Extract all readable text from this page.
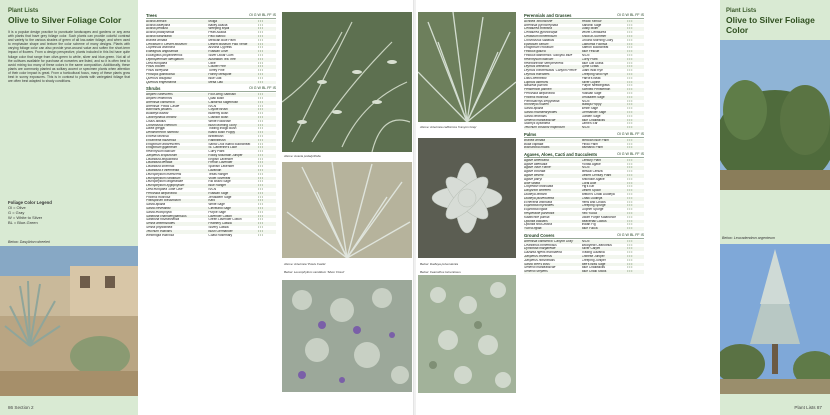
Plant Lists
Olive to Silver Foliage Color
It is a popular design practice to punctuate landscapes and gardens or any area with plants that have grey foliage color. Such plants can provide colorful contrast and variety to the various shades of green of all low-water foliage, and when used to emphasize shape and texture the color scheme of many designs. Plants with varying foliage color can also provide year-around value and soften the short-term impact of flowers. From a design perspective, plants included in this list have quite foliage color that range from olive-green to white, silver and blue-green. Not all of the cultivars available for purchase at nurseries are listed, and so it is often best to avoid mixing too many of these colors in the same composition. Additionally, these plants are commonly planted as solitary accent or specimen plants when attention of their color impact is great. From a horticultural focus, many of these plants grow best in sunny exposures. This is in contrast to plants with variegated foliage that are often best adapted to shady conditions.
Foliage Color Legend
Ol = Olive
G = Gray
W = White to Silver
BL = Blue-Green
Below: Dasylirion wheeleri
86 Section 2
Trees	Ol G W BL FF IS
Acacia aneura	Mulga	• • •
Acacia baileyana	Bailey Acacia	• • •
Acacia pendula	Weeping Myall	• • •
Acacia podalyriifolia	Pearl Acacia	• • •
Acacia willardiana	Palo Blanco	• • •
Brahea armata	Mexican Blue Palm	• • •
Cercidium x 'Desert Museum'	Desert Museum Palo Verde	• • •
Cupressus arizonica	Arizona Cypress	• • •
Elaeagnus angustifolia	Russian Olive	• • •
Eucalyptus polyanthemos	Silver Dollar Gum	• • •
Leptospermum laevigatum	Australian Tea Tree	• • •
Olea europaea	Olive	• • •
Pinus coulteri	Coulter Pine	• • •
Pinus torreyana	Torrey Pine	• • •
Prosopis glandulosa	Honey Mesquite	• • •
Quercus douglasii	Blue Oak	• • •
Quercus engelmannii	Mesa Oak	• • •
Shrubs	Ol G W BL FF IS
Atriplex canescens	Four-wing Saltbush	• • •
Atriplex lentiformis	Quail Bush	• • •
Artemisia californica	California Sagebrush	• • •
Artemisia 'Powis Castle'	N/CN	• • •
Baccharis pilularis	Coyote Brush	• • •
Buddleja davidii	Butterfly Bush	• • •
Calocephalus brownii	Cushion Bush	• • •
Cistus albidus	White Rockrose	• • •
Convolvulus cneorum	Bush Morning Glory	• • •
Dalea greggii	Trailing Indigo Bush	• • •
Dendromecon harfordii	Island Bush Poppy	• • •
Encelia farinosa	Brittlebush	• • •
Ericameria nauseosa	Rabbitbrush	• • •
Eriogonum arborescens	Santa Cruz Island Buckwheat	• • •
Eriogonum giganteum	St. Catherine's Lace	• • •
Helichrysum italicum	Curry Plant	• • •
Juniperus scopulorum	Rocky Mountain Juniper	• • •
Lavandula angustifolia	English Lavender	• • •
Lavandula dentata	French Lavender	• • •
Lavandula stoechas	Spanish Lavender	• • •
Lavandula x intermedia	Lavandin	• • •
Leucophyllum frutescens	Texas Ranger	• • •
Leucophyllum candidum	Violet Silverleaf	• • •
Leucophyllum langmaniae	Rio Bravo Sage	• • •
Leucophyllum zygophyllum	Blue Ranger	• • •
Olea europaea 'Little Ollie'	N/CN	• • •
Perovskia atriplicifolia	Russian Sage	• • •
Phlomis fruticosa	Jerusalem Sage	• • •
Pittosporum crassifolium	Karo	• • •
Salvia apiana	White Sage	• • •
Salvia clevelandii	Cleveland Sage	• • •
Salvia leucophylla	Purple Sage	• • •
Santolina chamaecyparissus	Lavender Cotton	• • •
Santolina rosmarinifolia	Green Lavender Cotton	• • •
Senna artemisioides	Feathery Cassia	• • •
Senna phyllodinea	Silvery Cassia	• • •
Teucrium fruticans	Bush Germander	• • •
Westringia fruticosa	Coast Rosemary	• • •
Above: Acacia podalyriifolia
Above: Artemisia 'Powis Castle'
Below: Leucophyllum candidum 'Silver Cloud'
Above: Artemisia californica 'Canyon Gray'
Below: Dudleya pulverulenta
Below: Ceanothus tomentosus
Perennials and Grasses	Ol G W BL FF IS
Achillea 'Moonshine'	Yellow Yarrow	• • •
Artemisia pycnocephala	Sandhill Sage	• • •
Centaurea cineraria	Dusty Miller	• • •
Centaurea gymnocarpa	Velvet Centaurea	• • •
Cerastium tomentosum	Snow-in-Summer	• • •
Convolvulus sabatius	Ground Morning Glory	• • •
Epilobium canum	California Fuchsia	• • •
Eriogonum crocatum	Saffron Buckwheat	• • •
Festuca glauca	Blue Fescue	• • •
Festuca idahoensis 'Siskiyou Blue'	N/CN	• • •
Helichrysum italicum	Curry Plant	• • •
Helictotrichon sempervirens	Blue Oat Grass	• • •
Leymus arenarius	Lyme Grass	• • •
Leymus condensatus 'Canyon Prince'	Giant Wild Rye	• • •
Leymus triticoides	Creeping Wild Rye	• • •
Lotus berthelotii	Parrot's Beak	• • •
Lupinus albifrons	Silver Lupine	• • •
Nassella pulchra	Purple Needlegrass	• • •
Penstemon palmeri	Scented Penstemon	• • •
Perovskia atriplicifolia	Russian Sage	• • •
Phlomis fruticosa	Jerusalem Sage	• • •
Plecostachys serpyllifolia	N/CN	• • •
Romneya coulteri	Matilija Poppy	• • •
Salvia apiana	White Sage	• • •
Salvia chamaedryoides	Germander Sage	• • •
Salvia officinalis	Garden Sage	• • •
Senecio mandraliscae	Blue Chalksticks	• • •
Stachys byzantina	Lamb's Ear	• • •
Teucrium cossonii majoricum	N/CN	• • •
Palms	Ol G W BL FF IS
Brahea armata	Mexican Blue Palm	• • •
Butia capitata	Pindo Palm	• • •
Bismarckia nobilis	Bismarck Palm	• • •
Agaves, Aloes, Cacti and Succulents	Ol G W BL FF IS
Agave americana	Century Plant	• • •
Agave attenuata	Foxtail Agave	• • •
Agave 'Blue Flame'	N/CN	• • •
Agave colorata	Mescal Ceniza	• • •
Agave deserti	Desert Century Plant	• • •
Agave parryi	Artichoke Agave	• • •
Aloe striata	Coral Aloe	• • •
Cotyledon orbiculata	Pig's Ear	• • •
Dasylirion wheeleri	Desert Spoon	• • •
Dudleya brittonii	Britton's Chalk Dudleya	• • •
Dudleya pulverulenta	Chalk Dudleya	• • •
Echeveria imbricata	Hens and Chicks	• • •
Euphorbia myrsinites	Creeping Spurge	• • •
Euphorbia rigida	Gopher Spurge	• • •
Hesperaloe parviflora	Red Yucca	• • •
Kalanchoe pumila	Dwarf Purple Kalanchoe	• • •
Opuntia basilaris	Beavertail Cactus	• • •
Opuntia ficus-indica	Indian Fig	• • •
Yucca rigida	Blue Yucca	• • •
Ground Covers	Ol G W BL FF IS
Artemisia californica 'Canyon Gray'	N/CN	• • •
Ceanothus tomentosus	Woolyleaf Ceanothus	• • •
Dymondia margaretae	Silver Carpet	• • •
Gazania rigens leucolaena	Trailing Gazania	• • •
Juniperus chinensis	Chinese Juniper	• • •
Juniperus horizontalis	Creeping Juniper	• • •
Salvia 'Bee's Bliss'	Bee's Bliss Sage	• • •
Senecio mandraliscae	Blue Chalksticks	• • •
Senecio serpens	Blue Chalk Sticks	• • •
Plant Lists
Olive to Silver Foliage Color
Below: Leucadendron argenteum
Plant Lists 87
